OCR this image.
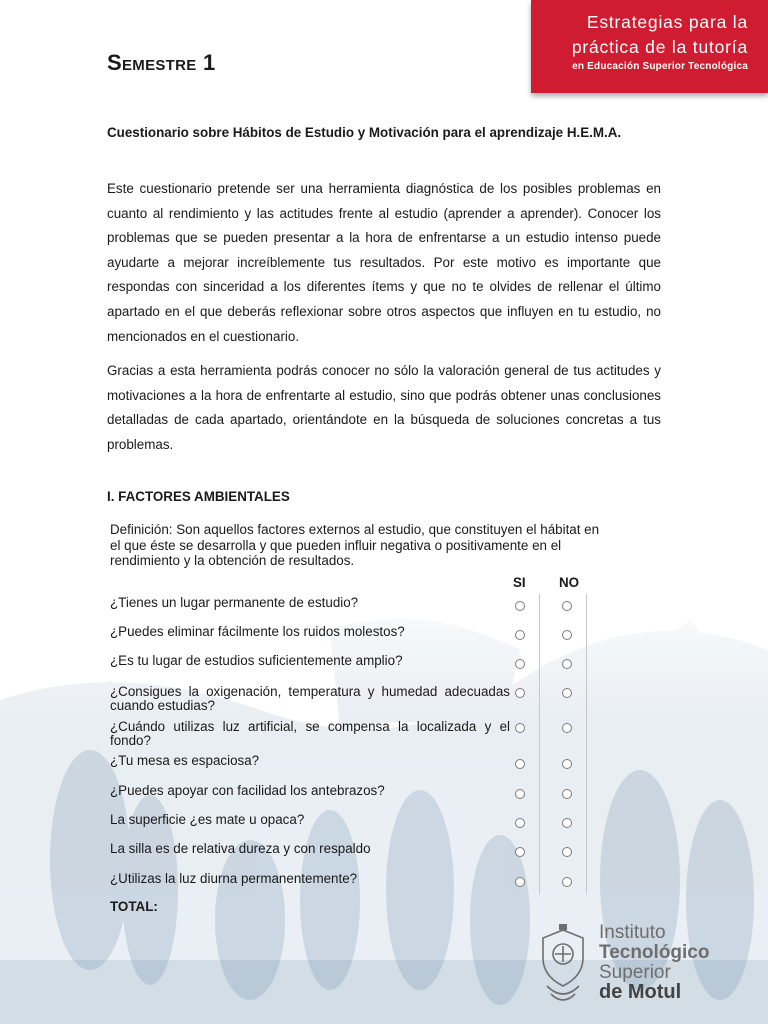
Estrategias para la
práctica de la tutoría
en Educación Superior Tecnológica
Semestre 1
Cuestionario sobre Hábitos de Estudio y Motivación para el aprendizaje H.E.M.A.
Este cuestionario pretende ser una herramienta diagnóstica de los posibles problemas en cuanto al rendimiento y las actitudes frente al estudio (aprender a aprender). Conocer los problemas que se pueden presentar a la hora de enfrentarse a un estudio intenso puede ayudarte a mejorar increíblemente tus resultados. Por este motivo es importante que respondas con sinceridad a los diferentes ítems y que no te olvides de rellenar el último apartado en el que deberás reflexionar sobre otros aspectos que influyen en tu estudio, no mencionados en el cuestionario.
Gracias a esta herramienta podrás conocer no sólo la valoración general de tus actitudes y motivaciones a la hora de enfrentarte al estudio, sino que podrás obtener unas conclusiones detalladas de cada apartado, orientándote en la búsqueda de soluciones concretas a tus problemas.
I. FACTORES AMBIENTALES
Definición: Son aquellos factores externos al estudio, que constituyen el hábitat en el que éste se desarrolla y que pueden influir negativa o positivamente en el rendimiento y la obtención de resultados.
SI NO
¿Tienes un lugar permanente de estudio?
¿Puedes eliminar fácilmente los ruidos molestos?
¿Es tu lugar de estudios suficientemente amplio?
¿Consigues la oxigenación, temperatura y humedad adecuadas cuando estudias?
¿Cuándo utilizas luz artificial, se compensa la localizada y el fondo?
¿Tu mesa es espaciosa?
¿Puedes apoyar con facilidad los antebrazos?
La superficie ¿es mate u opaca?
La silla es de relativa dureza y con respaldo
¿Utilizas la luz diurna permanentemente?
TOTAL:
Instituto
Tecnológico
Superior
de Motul
